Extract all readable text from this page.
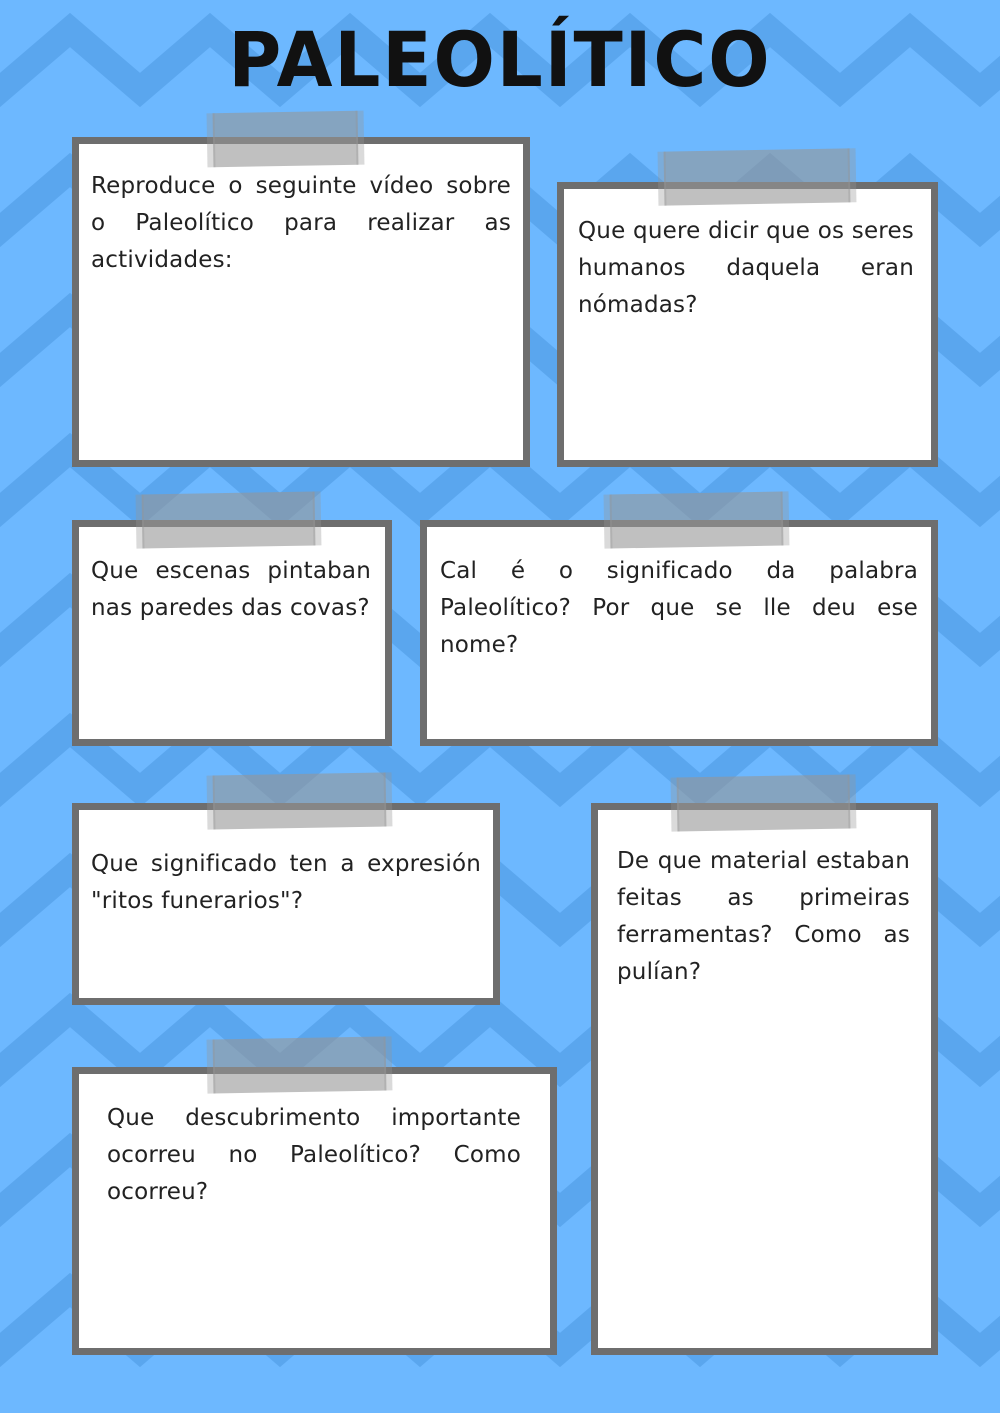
PALEOLÍTICO
Reproduce o seguinte vídeo sobre o Paleolítico para realizar as actividades:
Que quere dicir que os seres humanos daquela eran nómadas?
Que escenas pintaban nas paredes das covas?
Cal é o significado da palabra Paleolítico? Por que se lle deu ese nome?
Que significado ten a expresión "ritos funerarios"?
De que material estaban feitas as primeiras ferramentas? Como as pulían?
Que descubrimento importante ocorreu no Paleolítico? Como ocorreu?
